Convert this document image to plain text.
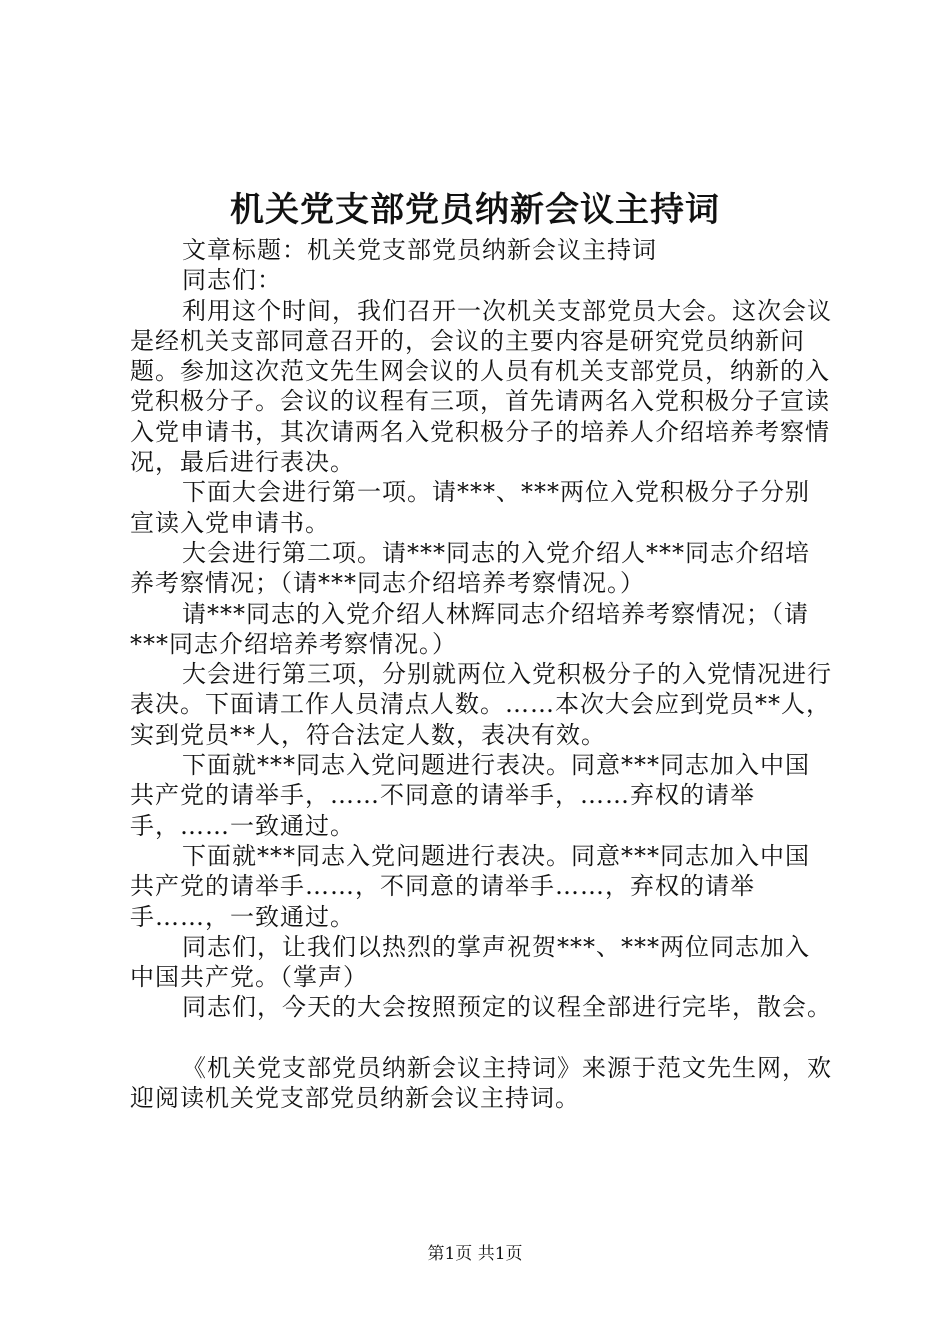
机关党支部党员纳新会议主持词

文章标题：机关党支部党员纳新会议主持词

同志们：

利用这个时间，我们召开一次机关支部党员大会。这次会议是经机关支部同意召开的，会议的主要内容是研究党员纳新问题。参加这次范文先生网会议的人员有机关支部党员，纳新的入党积极分子。会议的议程有三项，首先请两名入党积极分子宣读入党申请书，其次请两名入党积极分子的培养人介绍培养考察情况，最后进行表决。

下面大会进行第一项。请***、***两位入党积极分子分别宣读入党申请书。

大会进行第二项。请***同志的入党介绍人***同志介绍培养考察情况；（请***同志介绍培养考察情况。）

请***同志的入党介绍人林辉同志介绍培养考察情况；（请***同志介绍培养考察情况。）

大会进行第三项，分别就两位入党积极分子的入党情况进行表决。下面请工作人员清点人数。……本次大会应到党员**人，实到党员**人，符合法定人数，表决有效。

下面就***同志入党问题进行表决。同意***同志加入中国共产党的请举手，……不同意的请举手，……弃权的请举手，……一致通过。

下面就***同志入党问题进行表决。同意***同志加入中国共产党的请举手……，不同意的请举手……，弃权的请举手……，一致通过。

同志们，让我们以热烈的掌声祝贺***、***两位同志加入中国共产党。（掌声）

同志们，今天的大会按照预定的议程全部进行完毕，散会。

《机关党支部党员纳新会议主持词》来源于范文先生网，欢迎阅读机关党支部党员纳新会议主持词。

第1页 共1页
